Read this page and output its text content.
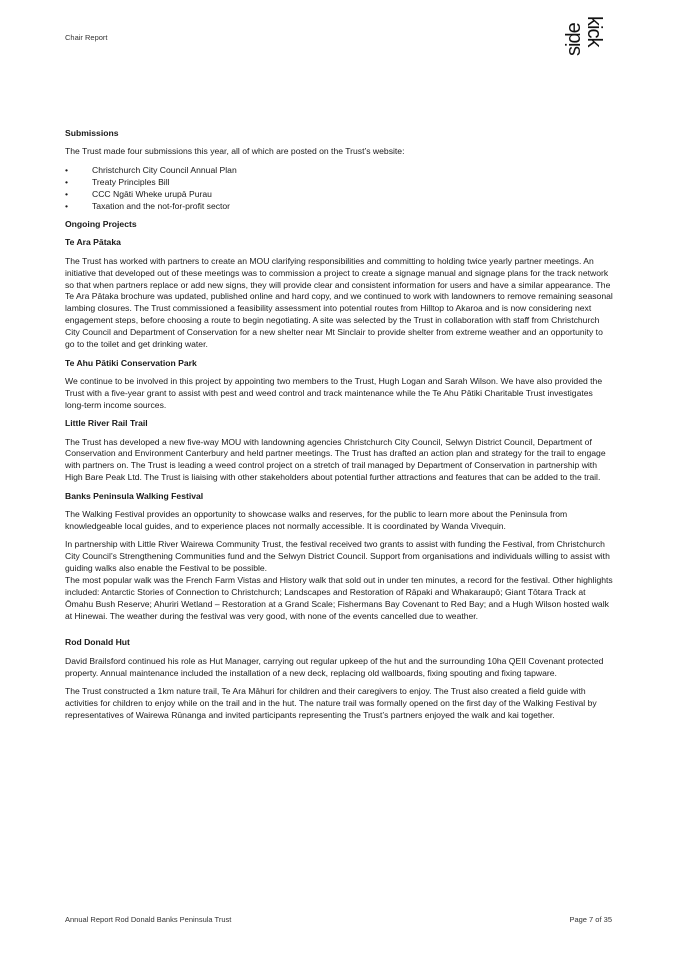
Chair Report	kick
side
Submissions

The Trust made four submissions this year, all of which are posted on the Trust’s website:

• Christchurch City Council Annual Plan
• Treaty Principles Bill
• CCC Ngāti Wheke urupā Purau
• Taxation and the not-for-profit sector
Ongoing Projects
Te Ara Pātaka

The Trust has worked with partners to create an MOU clarifying responsibilities and committing to holding twice yearly partner meetings. An initiative that developed out of these meetings was to commission a project to create a signage manual and signage plans for the track network so that when partners replace or add new signs, they will provide clear and consistent information for users and have a similar appearance. The Te Ara Pātaka brochure was updated, published online and hard copy, and we continued to work with landowners to remove remaining seasonal lambing closures. The Trust commissioned a feasibility assessment into potential routes from Hilltop to Akaroa and is now considering next engagement steps, before choosing a route to begin negotiating. A site was selected by the Trust in collaboration with staff from Christchurch City Council and Department of Conservation for a new shelter near Mt Sinclair to provide shelter from extreme weather and an opportunity to go to the toilet and get drinking water.

Te Ahu Pātiki Conservation Park

We continue to be involved in this project by appointing two members to the Trust, Hugh Logan and Sarah Wilson. We have also provided the Trust with a five-year grant to assist with pest and weed control and track maintenance while the Te Ahu Pātiki Charitable Trust investigates long-term income sources.

Little River Rail Trail

The Trust has developed a new five-way MOU with landowning agencies Christchurch City Council, Selwyn District Council, Department of Conservation and Environment Canterbury and held partner meetings. The Trust has drafted an action plan and strategy for the trail to engage with partners on. The Trust is leading a weed control project on a stretch of trail managed by Department of Conservation in partnership with High Bare Peak Ltd. The Trust is liaising with other stakeholders about potential further attractions and features that can be added to the trail.

Banks Peninsula Walking Festival

The Walking Festival provides an opportunity to showcase walks and reserves, for the public to learn more about the Peninsula from knowledgeable local guides, and to experience places not normally accessible. It is coordinated by Wanda Vivequin.

In partnership with Little River Wairewa Community Trust, the festival received two grants to assist with funding the Festival, from Christchurch City Council’s Strengthening Communities fund and the Selwyn District Council. Support from organisations and individuals willing to assist with guiding walks also enable the Festival to be possible.

The most popular walk was the French Farm Vistas and History walk that sold out in under ten minutes, a record for the festival. Other highlights included: Antarctic Stories of Connection to Christchurch; Landscapes and Restoration of Rāpaki and Whakaraupō; Giant Tōtara Track at Ōmahu Bush Reserve; Ahuriri Wetland – Restoration at a Grand Scale; Fishermans Bay Covenant to Red Bay; and a Hugh Wilson hosted walk at Hinewai. The weather during the festival was very good, with none of the events cancelled due to weather.

Rod Donald Hut

David Brailsford continued his role as Hut Manager, carrying out regular upkeep of the hut and the surrounding 10ha QEII Covenant protected property. Annual maintenance included the installation of a new deck, replacing old wallboards, fixing spouting and fixing tapware.

The Trust constructed a 1km nature trail, Te Ara Māhuri for children and their caregivers to enjoy. The Trust also created a field guide with activities for children to enjoy while on the trail and in the hut. The nature trail was formally opened on the first day of the Walking Festival by representatives of Wairewa Rūnanga and invited participants representing the Trust’s partners enjoyed the walk and kai together.

Annual Report Rod Donald Banks Peninsula Trust	Page 7 of 35
